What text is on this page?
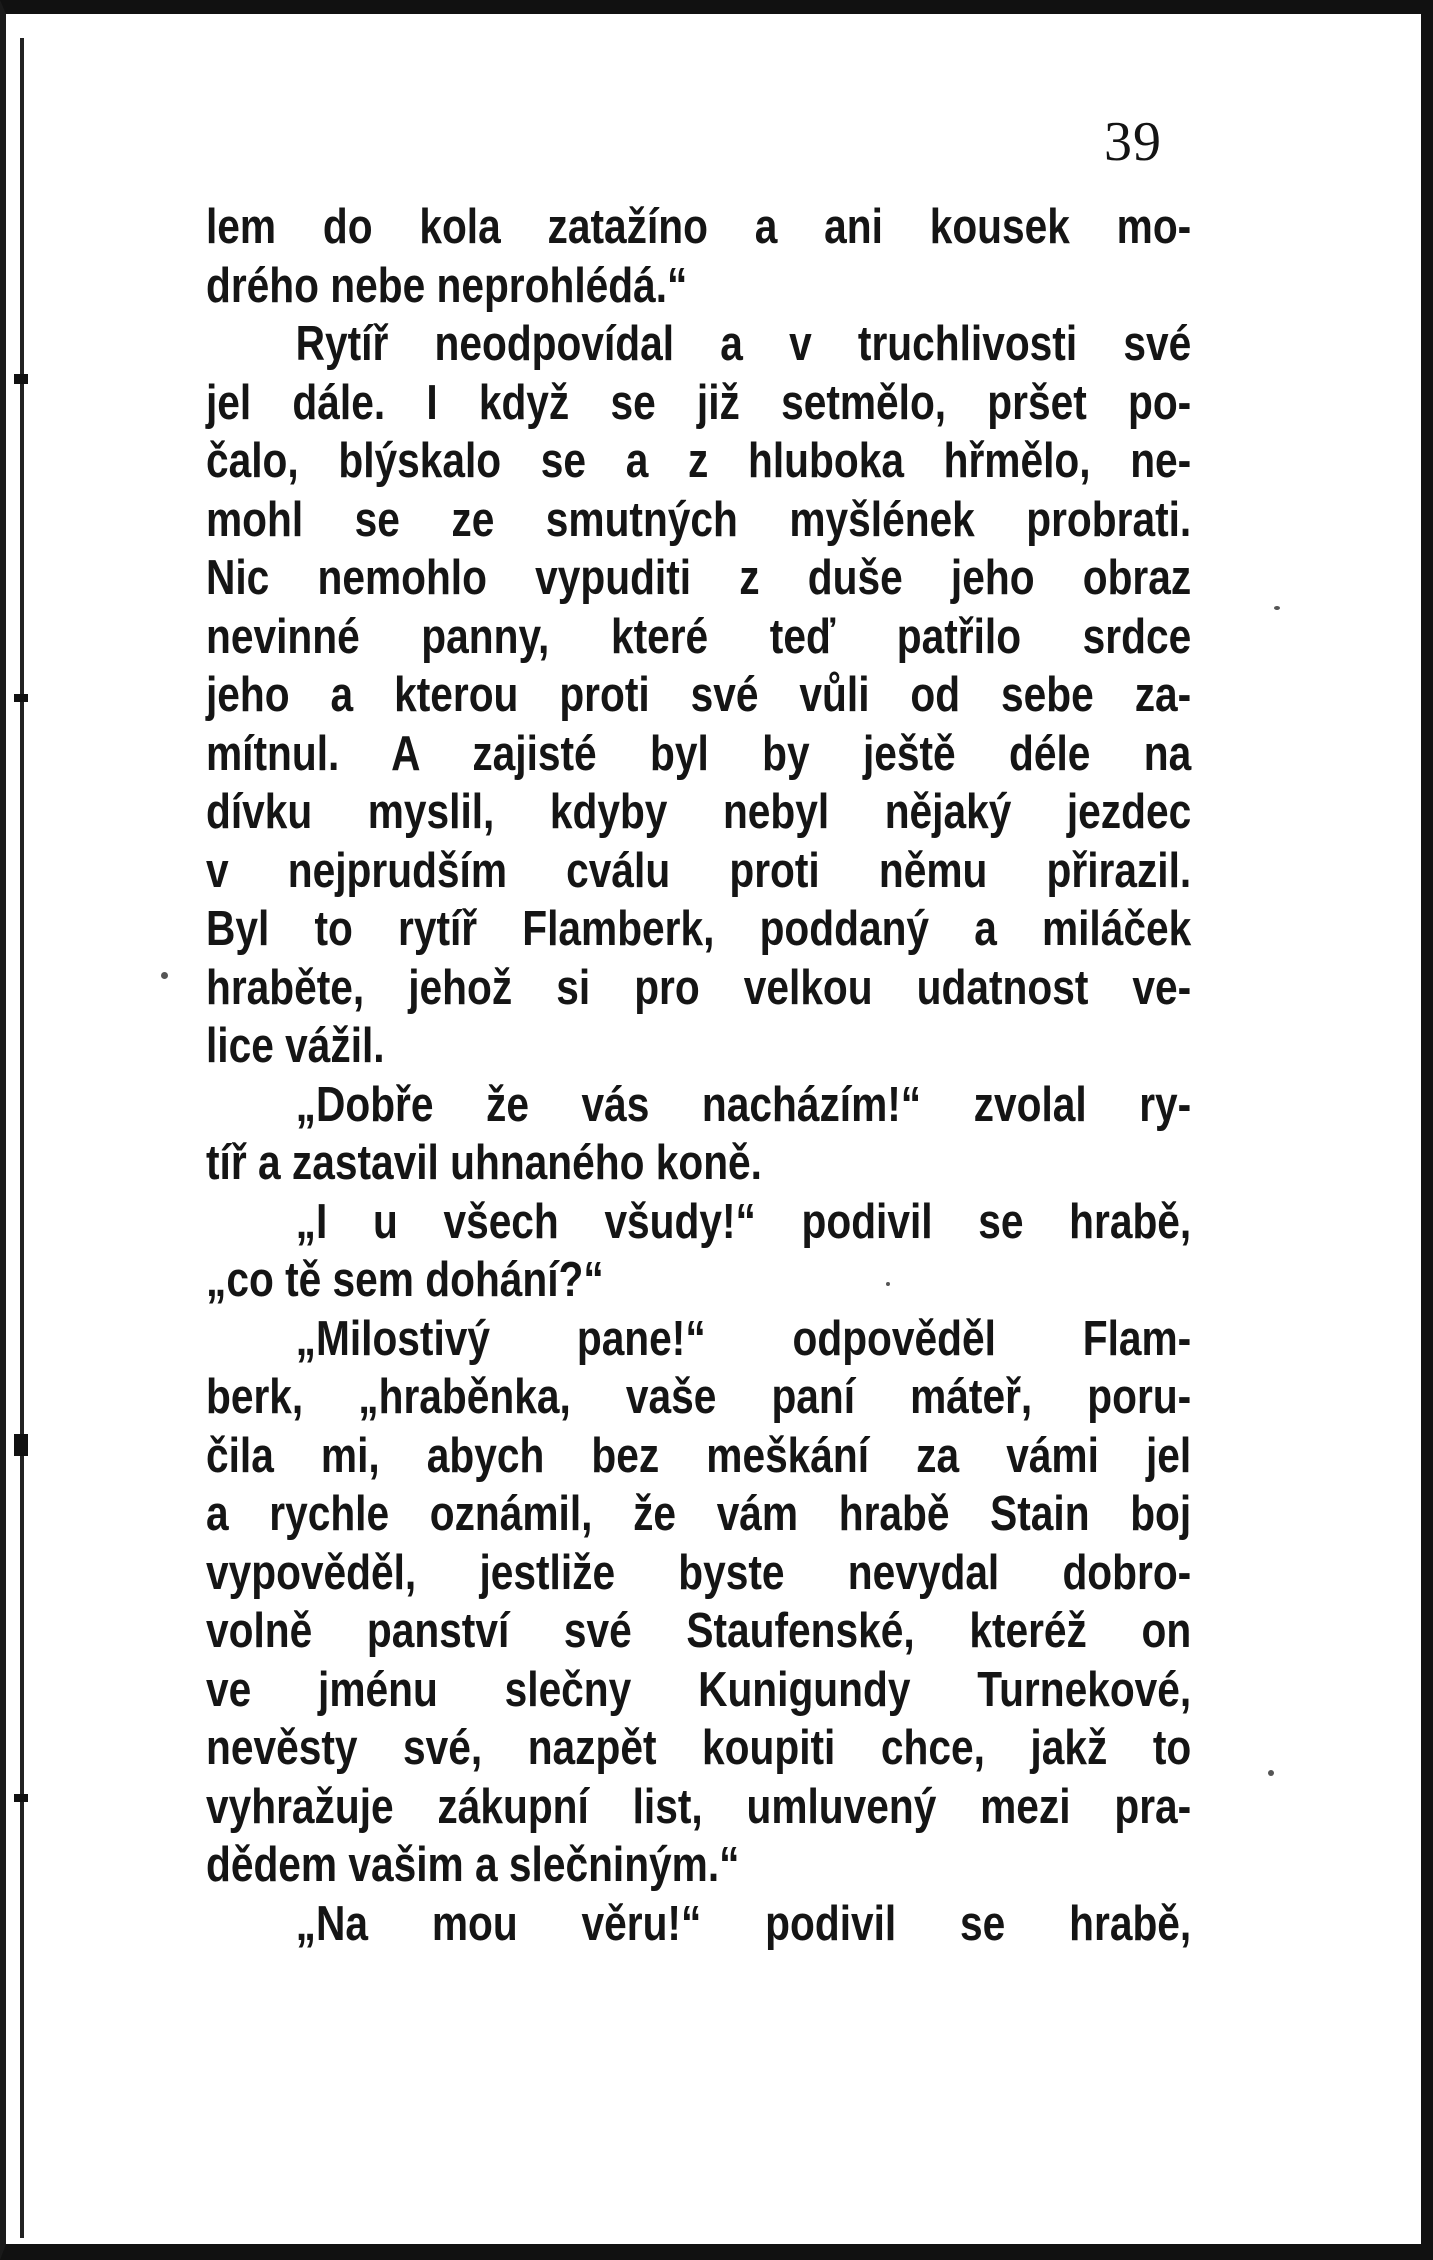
39

lem do kola zatažíno a ani kousek mo-
drého nebe neprohlédá.“
Rytíř neodpovídal a v truchlivosti své
jel dále. I když se již setmělo, pršet po-
čalo, blýskalo se a z hluboka hřmělo, ne-
mohl se ze smutných myšlének probrati.
Nic nemohlo vypuditi z duše jeho obraz
nevinné panny, které teď patřilo srdce
jeho a kterou proti své vůli od sebe za-
mítnul. A zajisté byl by ještě déle na
dívku myslil, kdyby nebyl nějaký jezdec
v nejprudším cválu proti němu přirazil.
Byl to rytíř Flamberk, poddaný a miláček
hraběte, jehož si pro velkou udatnost ve-
lice vážil.
„Dobře že vás nacházím!“ zvolal ry-
tíř a zastavil uhnaného koně.
„I u všech všudy!“ podivil se hrabě,
„co tě sem dohání?“
„Milostivý pane!“ odpověděl Flam-
berk, „hraběnka, vaše paní máteř, poru-
čila mi, abych bez meškání za vámi jel
a rychle oznámil, že vám hrabě Stain boj
vypověděl, jestliže byste nevydal dobro-
volně panství své Staufenské, kteréž on
ve jménu slečny Kunigundy Turnekové,
nevěsty své, nazpět koupiti chce, jakž to
vyhražuje zákupní list, umluvený mezi pra-
dědem vašim a slečniným.“
„Na mou věru!“ podivil se hrabě,
